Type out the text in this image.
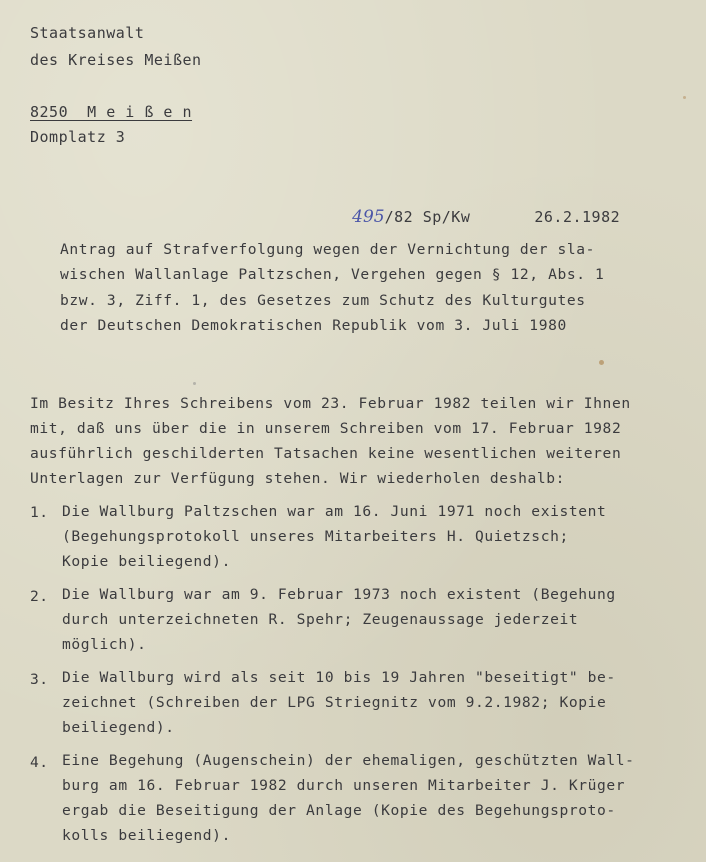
Staatsanwalt
des Kreises Meißen
8250  M e i ß e n
Domplatz 3

495/82 Sp/Kw	26.2.1982

Antrag auf Strafverfolgung wegen der Vernichtung der sla-
wischen Wallanlage Paltzschen, Vergehen gegen § 12, Abs. 1
bzw. 3, Ziff. 1, des Gesetzes zum Schutz des Kulturgutes
der Deutschen Demokratischen Republik vom 3. Juli 1980
Im Besitz Ihres Schreibens vom 23. Februar 1982 teilen wir Ihnen
mit, daß uns über die in unserem Schreiben vom 17. Februar 1982
ausführlich geschilderten Tatsachen keine wesentlichen weiteren
Unterlagen zur Verfügung stehen. Wir wiederholen deshalb:
1. Die Wallburg Paltzschen war am 16. Juni 1971 noch existent
(Begehungsprotokoll unseres Mitarbeiters H. Quietzsch;
Kopie beiliegend).
2. Die Wallburg war am 9. Februar 1973 noch existent (Begehung
durch unterzeichneten R. Spehr; Zeugenaussage jederzeit
möglich).
3. Die Wallburg wird als seit 10 bis 19 Jahren "beseitigt" be-
zeichnet (Schreiben der LPG Striegnitz vom 9.2.1982; Kopie
beiliegend).
4. Eine Begehung (Augenschein) der ehemaligen, geschützten Wall-
burg am 16. Februar 1982 durch unseren Mitarbeiter J. Krüger
ergab die Beseitigung der Anlage (Kopie des Begehungsproto-
kolls beiliegend).
